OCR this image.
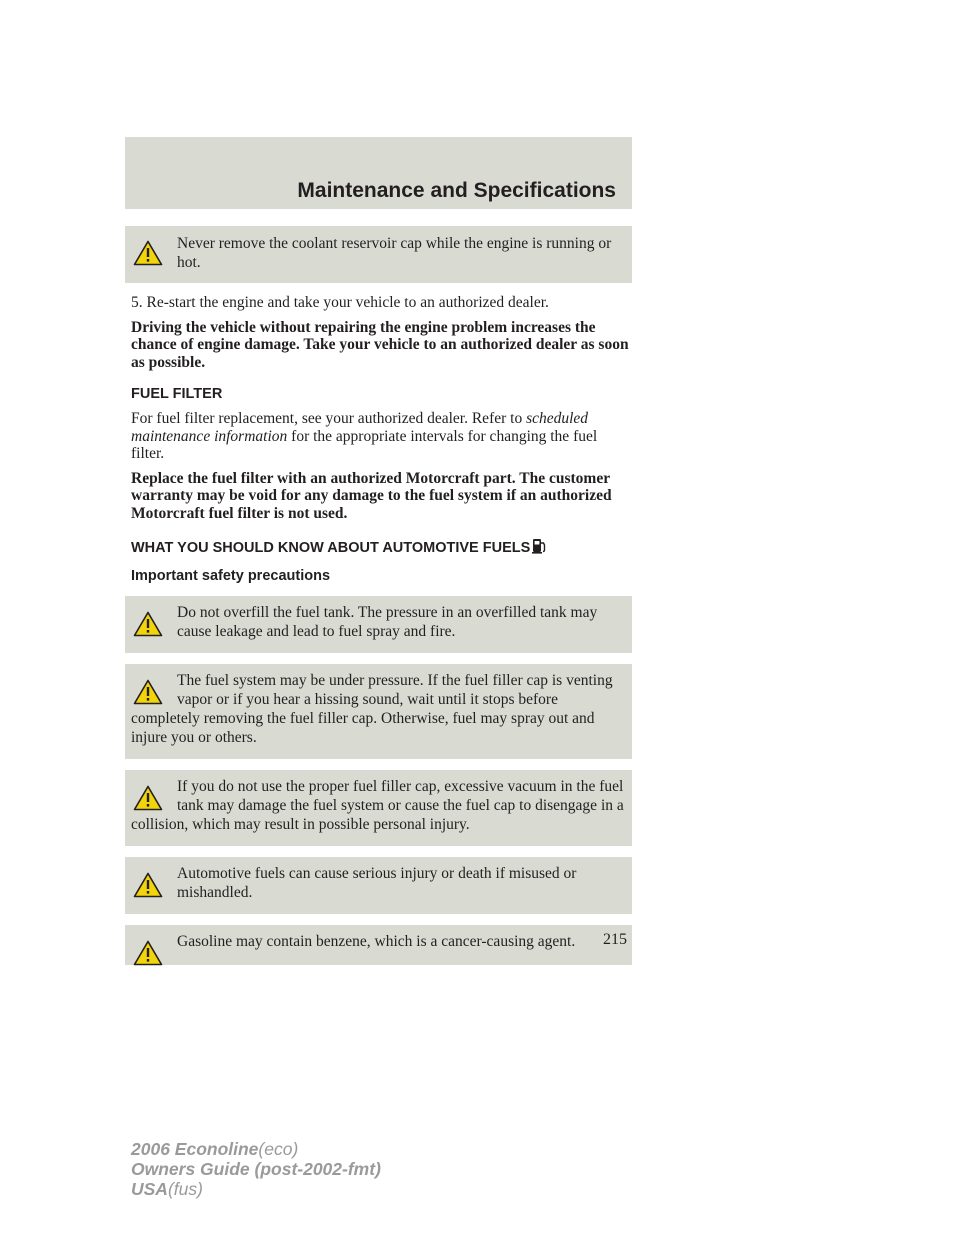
Maintenance and Specifications
Never remove the coolant reservoir cap while the engine is running or hot.

5. Re-start the engine and take your vehicle to an authorized dealer.

Driving the vehicle without repairing the engine problem increases the chance of engine damage. Take your vehicle to an authorized dealer as soon as possible.

FUEL FILTER

For fuel filter replacement, see your authorized dealer. Refer to scheduled maintenance information for the appropriate intervals for changing the fuel filter.

Replace the fuel filter with an authorized Motorcraft part. The customer warranty may be void for any damage to the fuel system if an authorized Motorcraft fuel filter is not used.

WHAT YOU SHOULD KNOW ABOUT AUTOMOTIVE FUELS

Important safety precautions

Do not overfill the fuel tank. The pressure in an overfilled tank may cause leakage and lead to fuel spray and fire.
The fuel system may be under pressure. If the fuel filler cap is venting vapor or if you hear a hissing sound, wait until it stops before completely removing the fuel filler cap. Otherwise, fuel may spray out and injure you or others.
If you do not use the proper fuel filler cap, excessive vacuum in the fuel tank may damage the fuel system or cause the fuel cap to disengage in a collision, which may result in possible personal injury.
Automotive fuels can cause serious injury or death if misused or mishandled.
Gasoline may contain benzene, which is a cancer-causing agent.	215
2006 Econoline(eco)
Owners Guide (post-2002-fmt)
USA(fus)
